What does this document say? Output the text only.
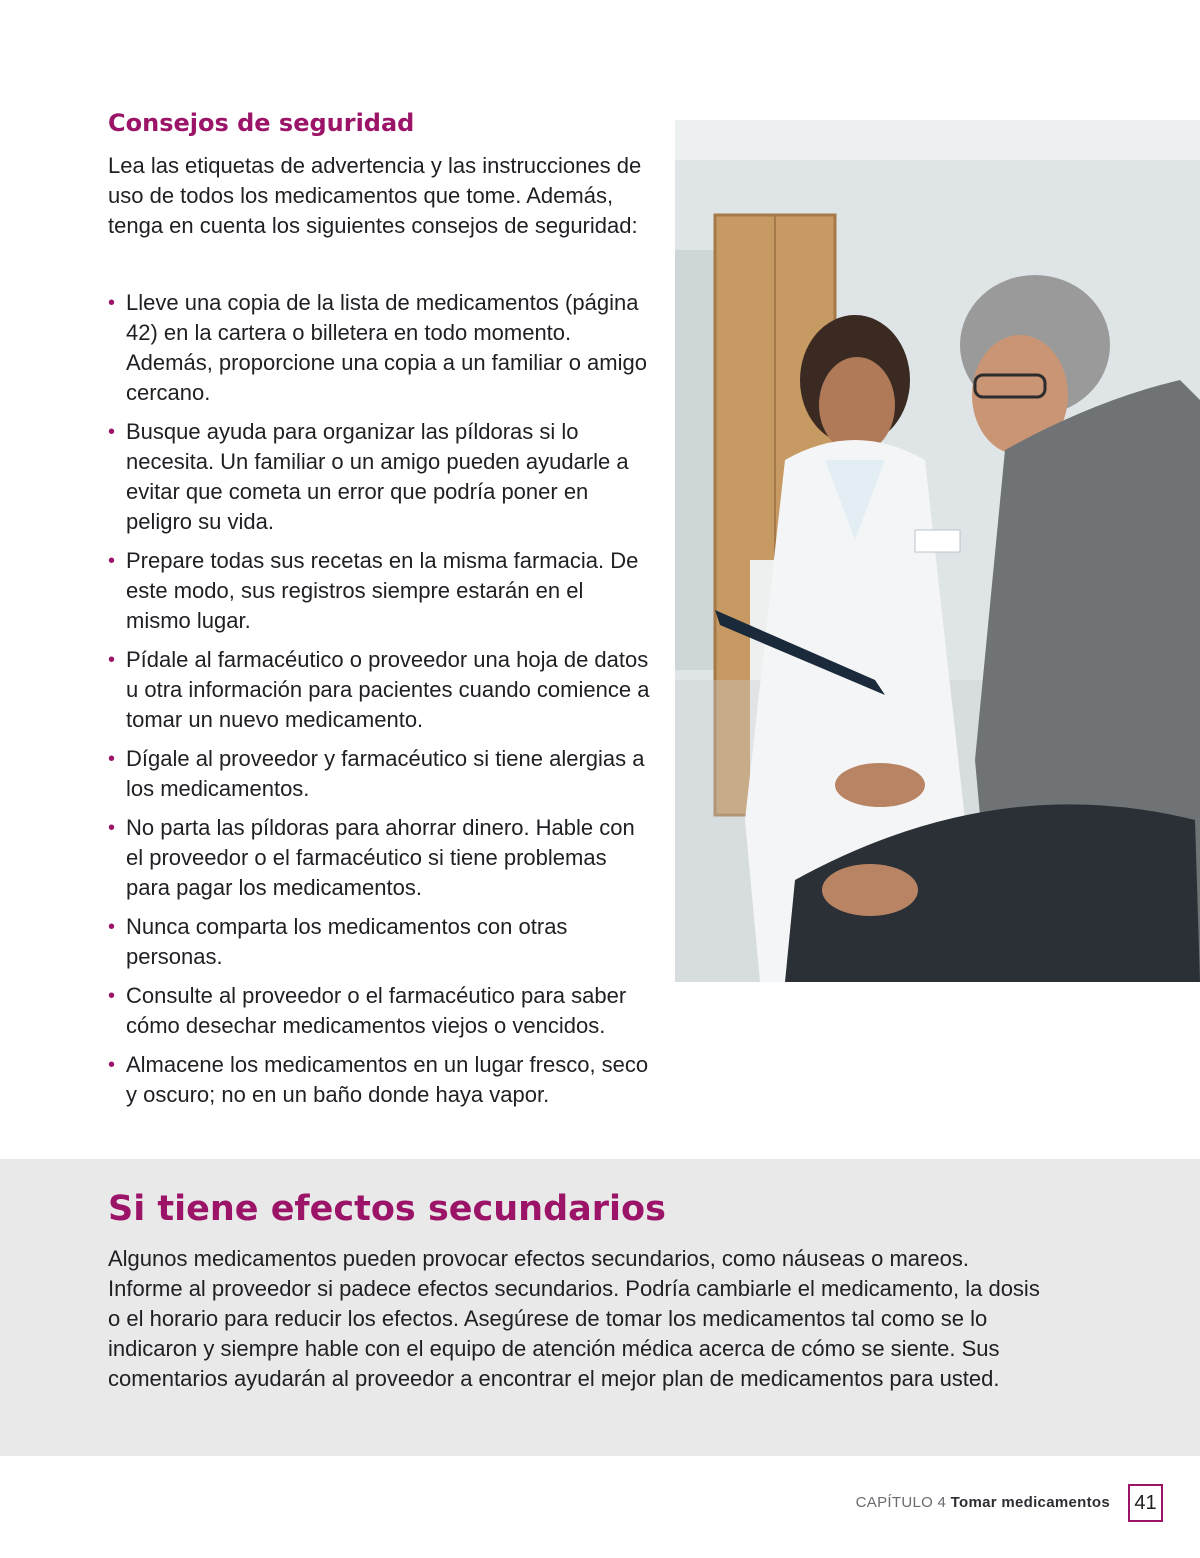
Consejos de seguridad

Lea las etiquetas de advertencia y las instrucciones de uso de todos los medicamentos que tome. Además, tenga en cuenta los siguientes consejos de seguridad:

• Lleve una copia de la lista de medicamentos (página 42) en la cartera o billetera en todo momento. Además, proporcione una copia a un familiar o amigo cercano.
• Busque ayuda para organizar las píldoras si lo necesita. Un familiar o un amigo pueden ayudarle a evitar que cometa un error que podría poner en peligro su vida.
• Prepare todas sus recetas en la misma farmacia. De este modo, sus registros siempre estarán en el mismo lugar.
• Pídale al farmacéutico o proveedor una hoja de datos u otra información para pacientes cuando comience a tomar un nuevo medicamento.
• Dígale al proveedor y farmacéutico si tiene alergias a los medicamentos.
• No parta las píldoras para ahorrar dinero. Hable con el proveedor o el farmacéutico si tiene problemas para pagar los medicamentos.
• Nunca comparta los medicamentos con otras personas.
• Consulte al proveedor o el farmacéutico para saber cómo desechar medicamentos viejos o vencidos.
• Almacene los medicamentos en un lugar fresco, seco y oscuro; no en un baño donde haya vapor.
Si tiene efectos secundarios

Algunos medicamentos pueden provocar efectos secundarios, como náuseas o mareos. Informe al proveedor si padece efectos secundarios. Podría cambiarle el medicamento, la dosis o el horario para reducir los efectos. Asegúrese de tomar los medicamentos tal como se lo indicaron y siempre hable con el equipo de atención médica acerca de cómo se siente. Sus comentarios ayudarán al proveedor a encontrar el mejor plan de medicamentos para usted.

CAPÍTULO 4 Tomar medicamentos	41
